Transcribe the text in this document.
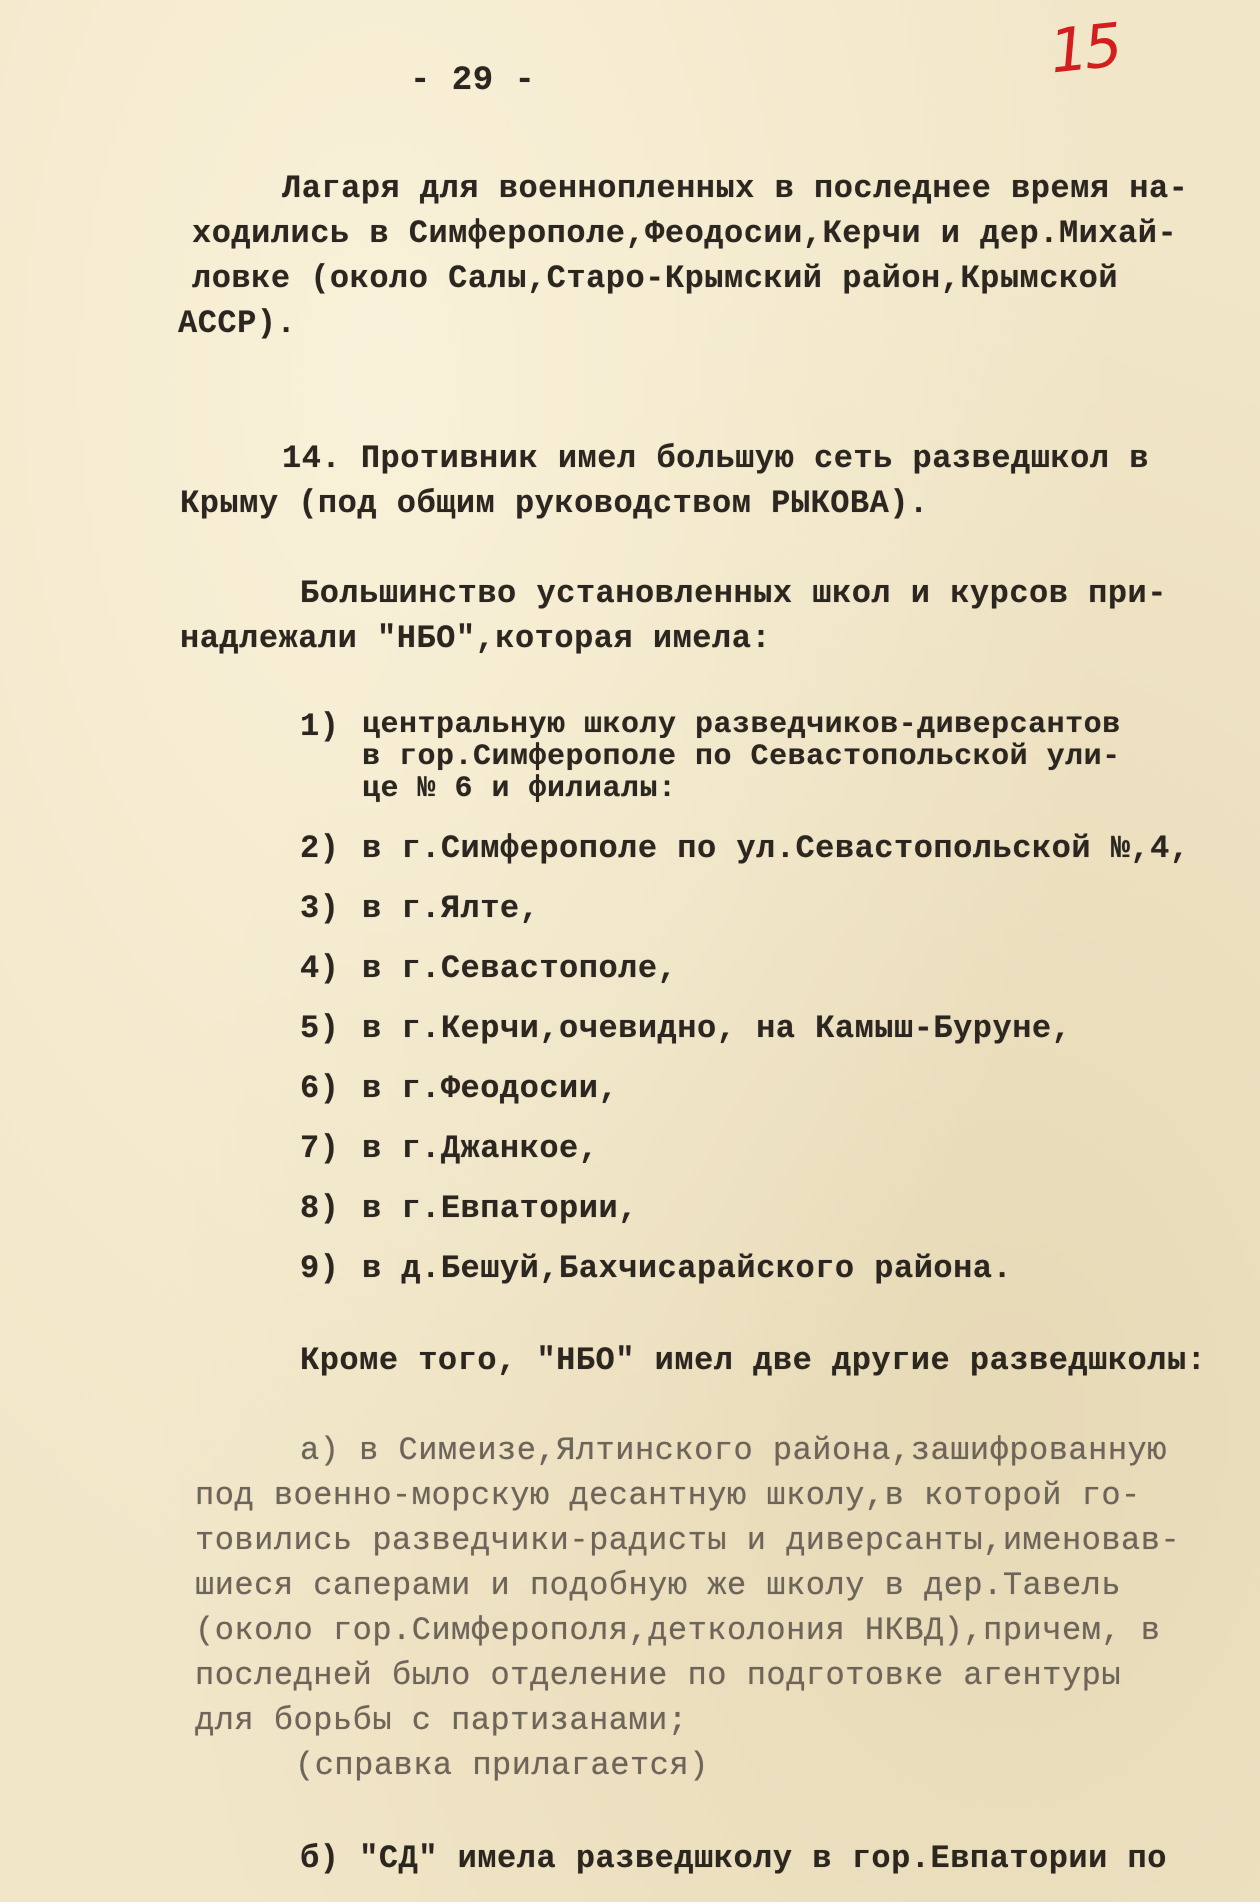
15
- 29 -
Лагаря для военнопленных в последнее время на-
ходились в Симферополе,Феодосии,Керчи и дер.Михай-
ловке (около Салы,Старо-Крымский район,Крымской
АССР).
14. Противник имел большую сеть разведшкол в
Крыму (под общим руководством РЫКОВА).
Большинство установленных школ и курсов при-
надлежали "НБО",которая имела:
1) центральную школу разведчиков-диверсантов
в гор.Симферополе по Севастопольской ули-
це № 6 и филиалы:
2) в г.Симферополе по ул.Севастопольской №,4,
3) в г.Ялте,
4) в г.Севастополе,
5) в г.Керчи,очевидно, на Камыш-Буруне,
6) в г.Феодосии,
7) в г.Джанкое,
8) в г.Евпатории,
9) в д.Бешуй,Бахчисарайского района.
Кроме того, "НБО" имел две другие разведшколы:
а) в Симеизе,Ялтинского района,зашифрованную
под военно-морскую десантную школу,в которой го-
товились разведчики-радисты и диверсанты,именовав-
шиеся саперами и подобную же школу в дер.Тавель
(около гор.Симферополя,детколония НКВД),причем, в
последней было отделение по подготовке агентуры
для борьбы с партизанами;
(справка прилагается)
б) "СД" имела разведшколу в гор.Евпатории по
